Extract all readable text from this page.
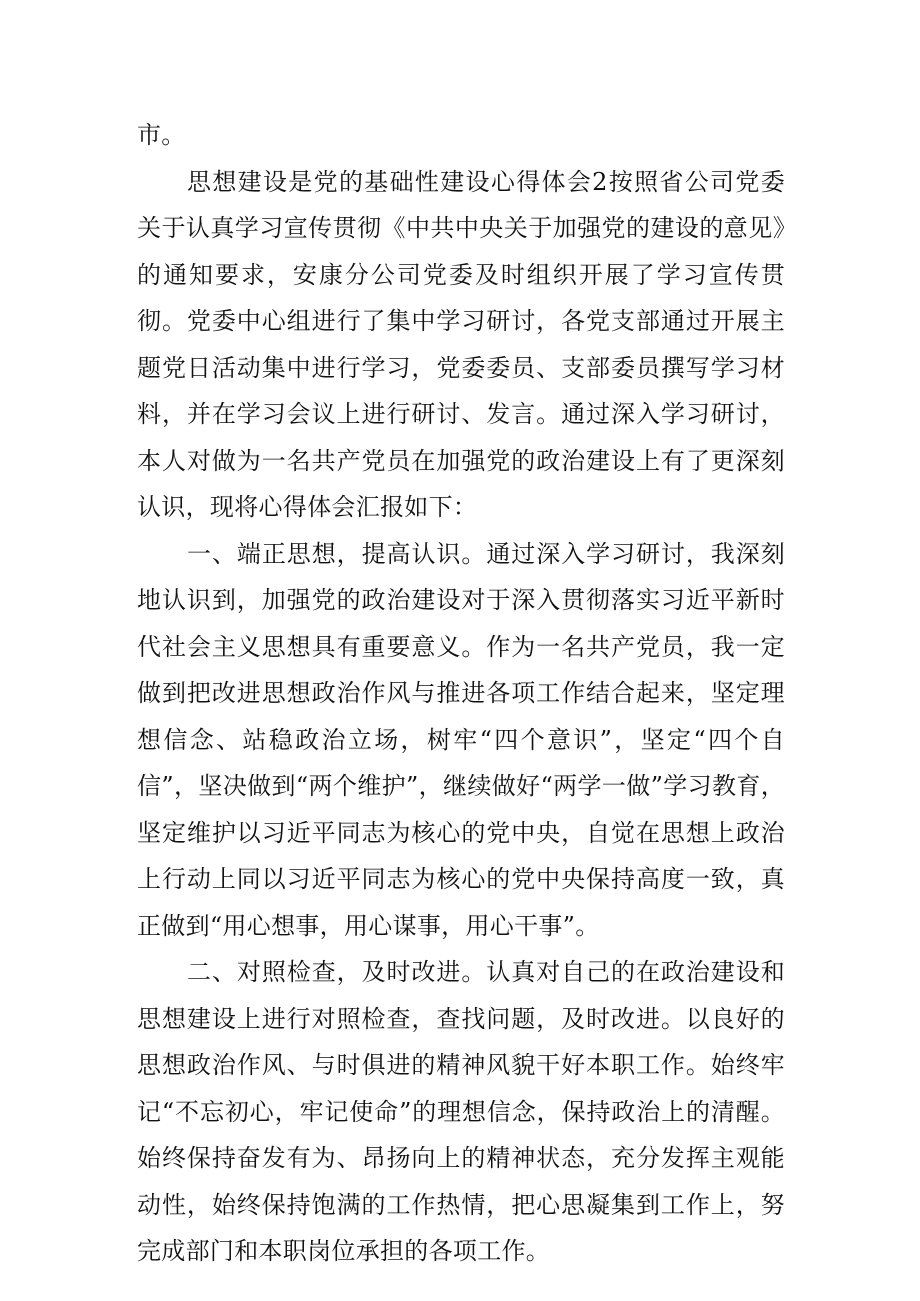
市。

思想建设是党的基础性建设心得体会2按照省公司党委关于认真学习宣传贯彻《中共中央关于加强党的建设的意见》的通知要求，安康分公司党委及时组织开展了学习宣传贯彻。党委中心组进行了集中学习研讨，各党支部通过开展主题党日活动集中进行学习，党委委员、支部委员撰写学习材料，并在学习会议上进行研讨、发言。通过深入学习研讨，本人对做为一名共产党员在加强党的政治建设上有了更深刻认识，现将心得体会汇报如下：

一、端正思想，提高认识。通过深入学习研讨，我深刻地认识到，加强党的政治建设对于深入贯彻落实习近平新时代社会主义思想具有重要意义。作为一名共产党员，我一定做到把改进思想政治作风与推进各项工作结合起来，坚定理想信念、站稳政治立场，树牢“四个意识”，坚定“四个自信”，坚决做到“两个维护”，继续做好“两学一做”学习教育，坚定维护以习近平同志为核心的党中央，自觉在思想上政治上行动上同以习近平同志为核心的党中央保持高度一致，真正做到“用心想事，用心谋事，用心干事”。

二、对照检查，及时改进。认真对自己的在政治建设和思想建设上进行对照检查，查找问题，及时改进。以良好的思想政治作风、与时俱进的精神风貌干好本职工作。始终牢记“不忘初心，牢记使命”的理想信念，保持政治上的清醒。始终保持奋发有为、昂扬向上的精神状态，充分发挥主观能动性，始终保持饱满的工作热情，把心思凝集到工作上，努完成部门和本职岗位承担的各项工作。
